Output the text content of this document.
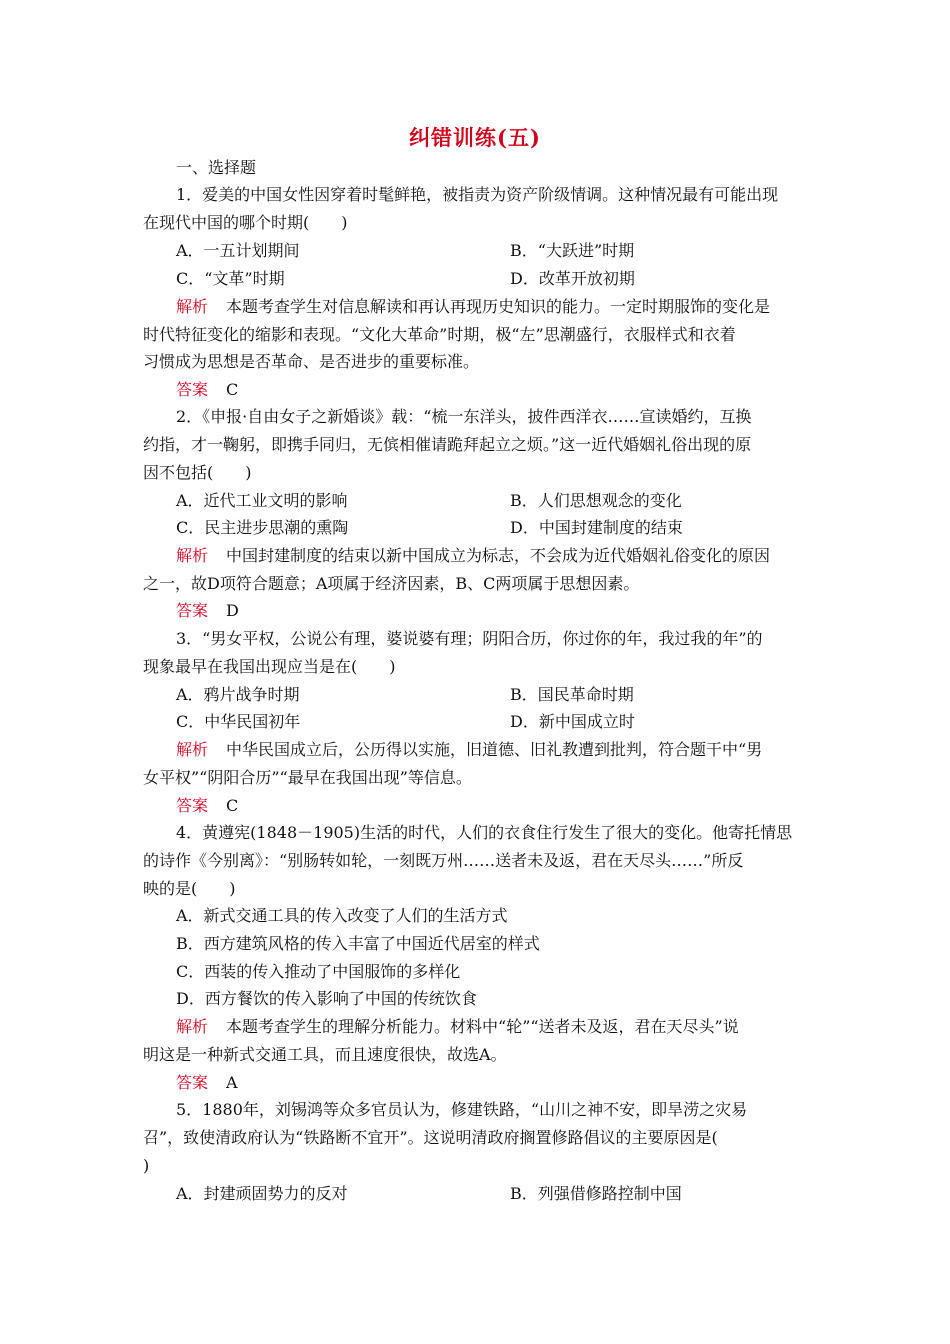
纠错训练(五)
一、选择题
1．爱美的中国女性因穿着时髦鲜艳，被指责为资产阶级情调。这种情况最有可能出现
在现代中国的哪个时期(　　)
A．一五计划期间	B．“大跃进”时期
C．“文革”时期	D．改革开放初期
解析 本题考查学生对信息解读和再认再现历史知识的能力。一定时期服饰的变化是
时代特征变化的缩影和表现。“文化大革命”时期，极“左”思潮盛行，衣服样式和衣着
习惯成为思想是否革命、是否进步的重要标准。
答案 C
2．《申报·自由女子之新婚谈》载：“梳一东洋头，披件西洋衣……宣读婚约，互换
约指，才一鞠躬，即携手同归，无傧相催请跪拜起立之烦。”这一近代婚姻礼俗出现的原
因不包括(　　)
A．近代工业文明的影响	B．人们思想观念的变化
C．民主进步思潮的熏陶	D．中国封建制度的结束
解析 中国封建制度的结束以新中国成立为标志，不会成为近代婚姻礼俗变化的原因
之一，故D项符合题意；A项属于经济因素，B、C两项属于思想因素。
答案 D
3．“男女平权，公说公有理，婆说婆有理；阴阳合历，你过你的年，我过我的年”的
现象最早在我国出现应当是在(　　)
A．鸦片战争时期	B．国民革命时期
C．中华民国初年	D．新中国成立时
解析 中华民国成立后，公历得以实施，旧道德、旧礼教遭到批判，符合题干中“男
女平权”“阴阳合历”“最早在我国出现”等信息。
答案 C
4．黄遵宪(1848－1905)生活的时代，人们的衣食住行发生了很大的变化。他寄托情思
的诗作《今别离》：“别肠转如轮，一刻既万州……送者未及返，君在天尽头……”所反
映的是(　　)
A．新式交通工具的传入改变了人们的生活方式
B．西方建筑风格的传入丰富了中国近代居室的样式
C．西装的传入推动了中国服饰的多样化
D．西方餐饮的传入影响了中国的传统饮食
解析 本题考查学生的理解分析能力。材料中“轮”“送者未及返，君在天尽头”说
明这是一种新式交通工具，而且速度很快，故选A。
答案 A
5．1880年，刘锡鸿等众多官员认为，修建铁路，“山川之神不安，即旱涝之灾易
召”，致使清政府认为“铁路断不宜开”。这说明清政府搁置修路倡议的主要原因是(
)
A．封建顽固势力的反对	B．列强借修路控制中国
